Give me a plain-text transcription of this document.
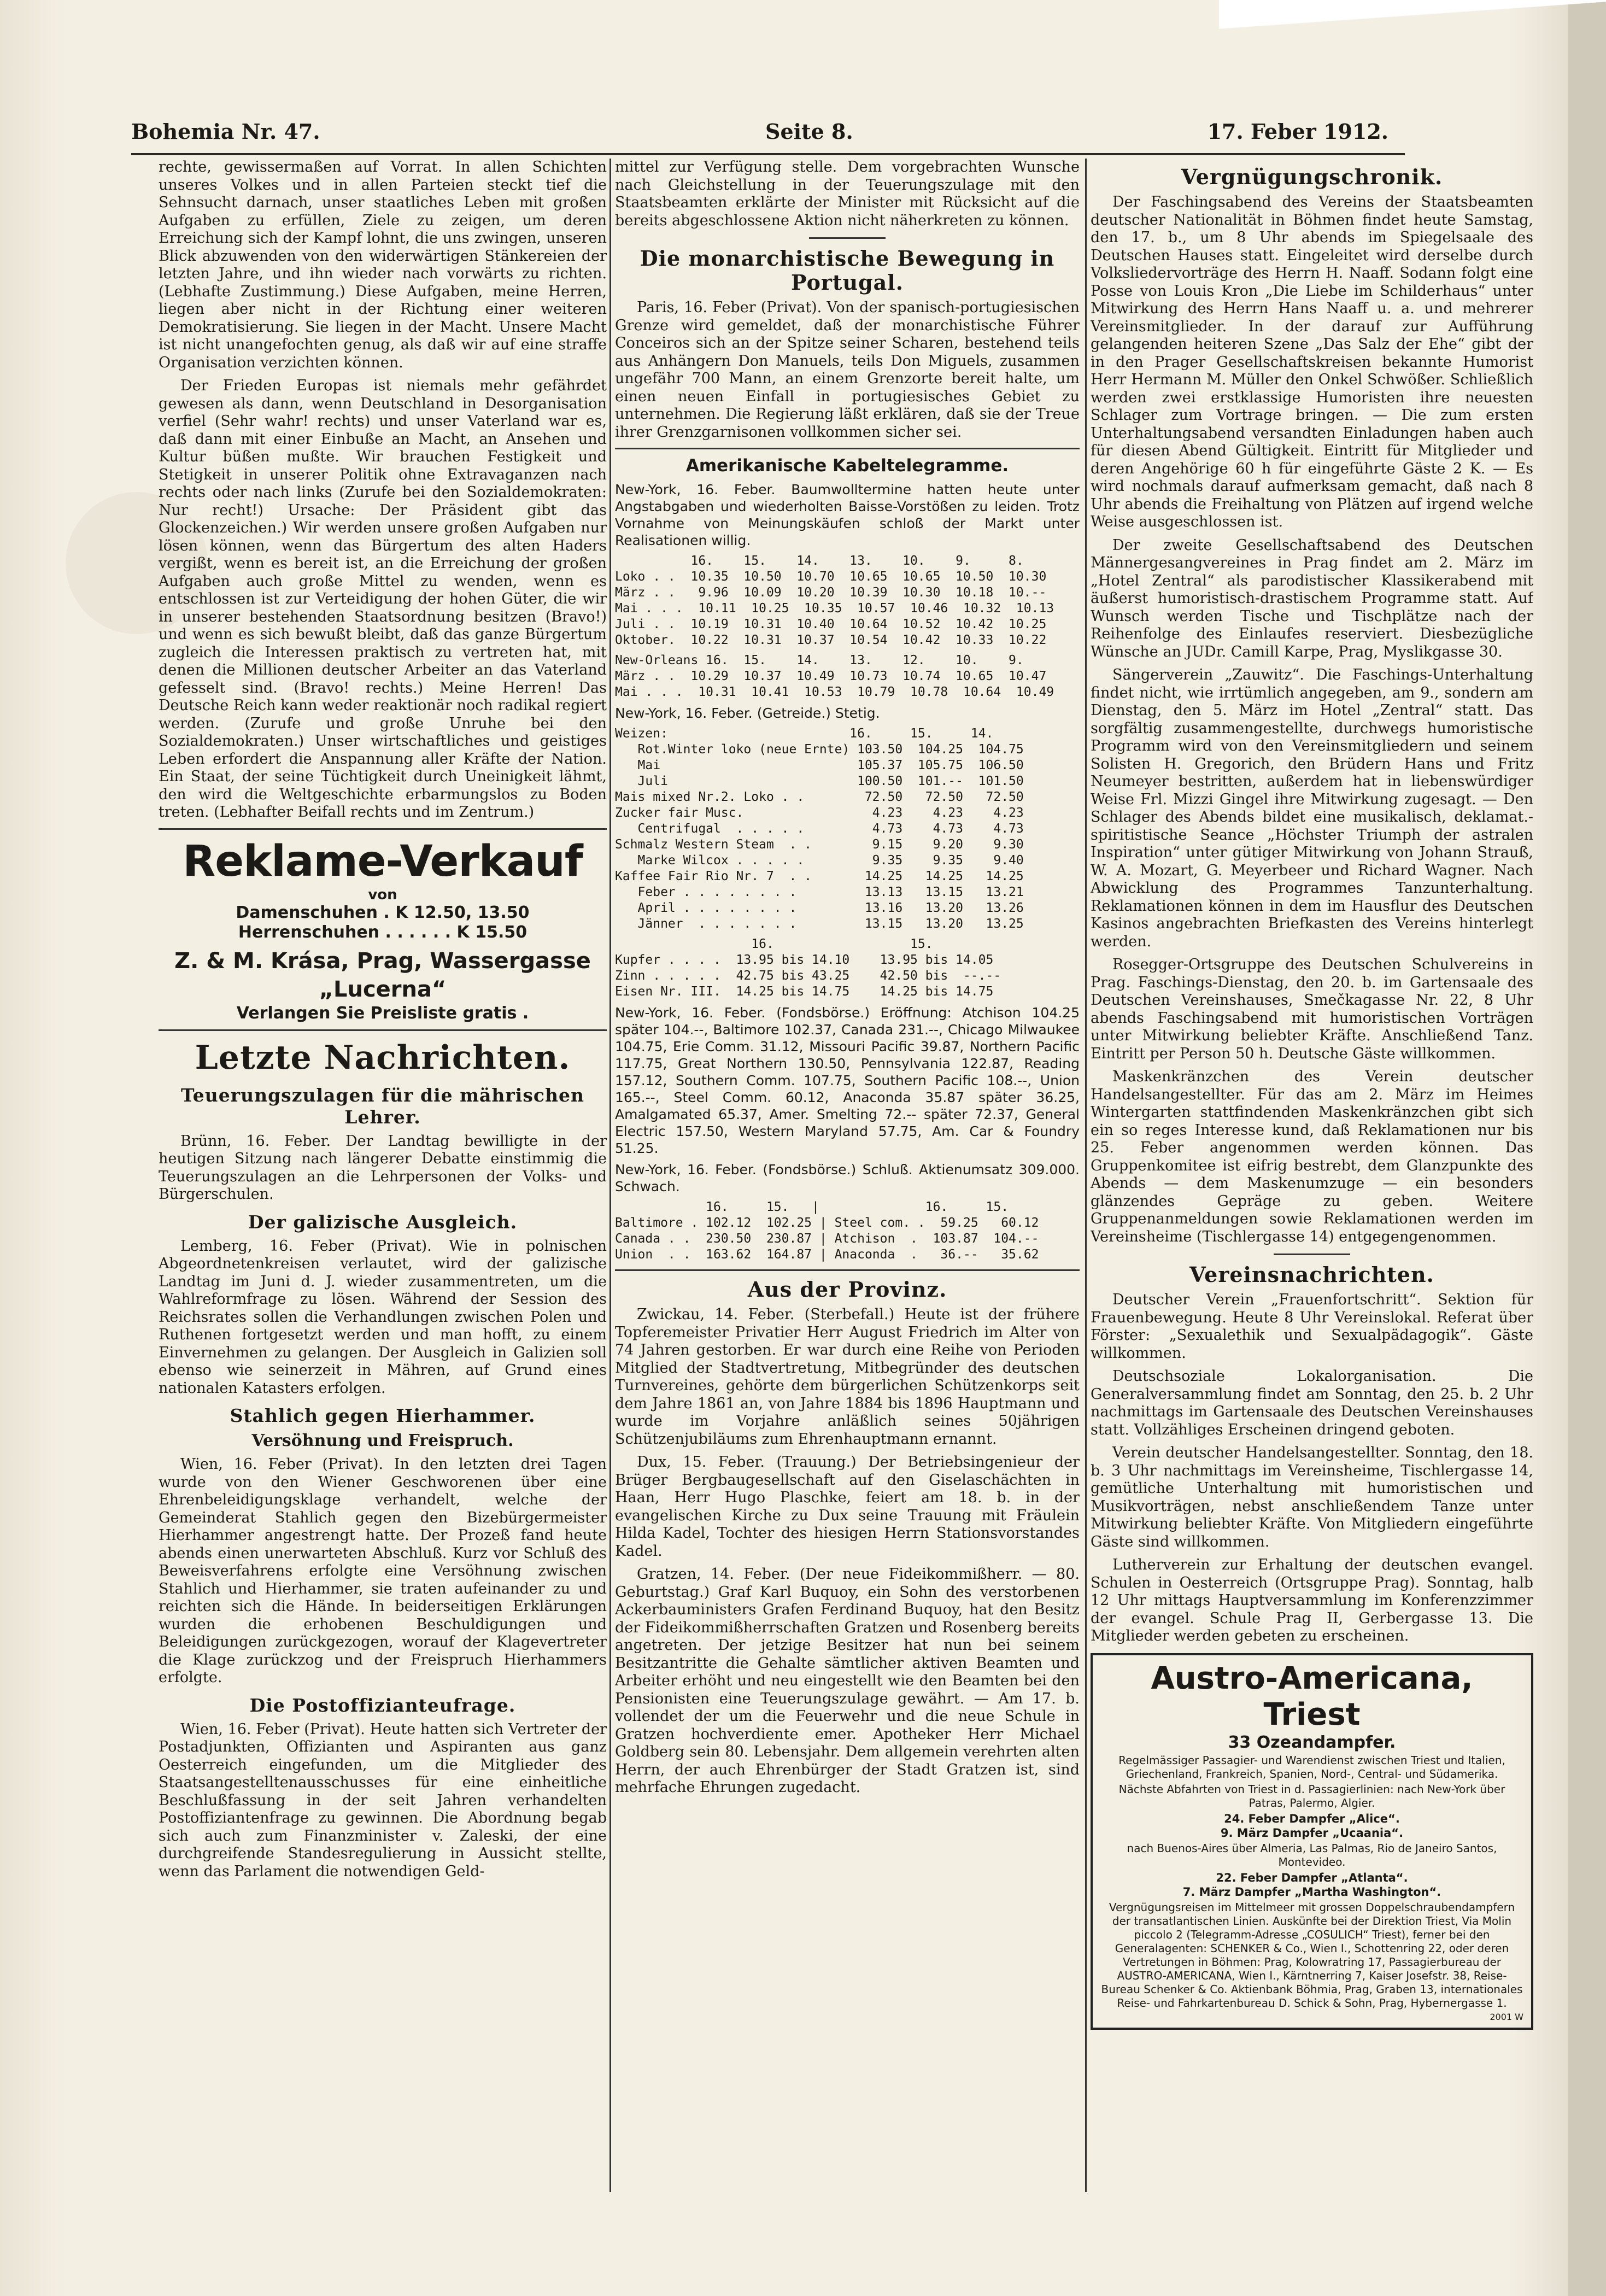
Bohemia Nr. 47.	Seite 8.	17. Feber 1912.

rechte, gewissermaßen auf Vorrat. In allen Schichten unseres Volkes und in allen Parteien steckt tief die Sehnsucht darnach, unser staatliches Leben mit großen Aufgaben zu erfüllen, Ziele zu zeigen, um deren Erreichung sich der Kampf lohnt, die uns zwingen, unseren Blick abzuwenden von den widerwärtigen Stänkereien der letzten Jahre, und ihn wieder nach vorwärts zu richten. (Lebhafte Zustimmung.) Diese Aufgaben, meine Herren, liegen aber nicht in der Richtung einer weiteren Demokratisierung. Sie liegen in der Macht. Unsere Macht ist nicht unangefochten genug, als daß wir auf eine straffe Organisation verzichten können.

Der Frieden Europas ist niemals mehr gefährdet gewesen als dann, wenn Deutschland in Desorganisation verfiel (Sehr wahr! rechts) und unser Vaterland war es, daß dann mit einer Einbuße an Macht, an Ansehen und Kultur büßen mußte. Wir brauchen Festigkeit und Stetigkeit in unserer Politik ohne Extravaganzen nach rechts oder nach links (Zurufe bei den Sozialdemokraten: Nur recht!) Ursache: Der Präsident gibt das Glockenzeichen.) Wir werden unsere großen Aufgaben nur lösen können, wenn das Bürgertum des alten Haders vergißt, wenn es bereit ist, an die Erreichung der großen Aufgaben auch große Mittel zu wenden, wenn es entschlossen ist zur Verteidigung der hohen Güter, die wir in unserer bestehenden Staatsordnung besitzen (Bravo!) und wenn es sich bewußt bleibt, daß das ganze Bürgertum zugleich die Interessen praktisch zu vertreten hat, mit denen die Millionen deutscher Arbeiter an das Vaterland gefesselt sind. (Bravo! rechts.) Meine Herren! Das Deutsche Reich kann weder reaktionär noch radikal regiert werden. (Zurufe und große Unruhe bei den Sozialdemokraten.) Unser wirtschaftliches und geistiges Leben erfordert die Anspannung aller Kräfte der Nation. Ein Staat, der seine Tüchtigkeit durch Uneinigkeit lähmt, den wird die Weltgeschichte erbarmungslos zu Boden treten. (Lebhafter Beifall rechts und im Zentrum.)

Reklame-Verkauf
von
Damenschuhen . K 12.50, 13.50
Herrenschuhen . . . . . . K 15.50
Z. & M. Krása, Prag, Wassergasse „Lucerna“
Verlangen Sie Preisliste gratis .
Letzte Nachrichten.
Teuerungszulagen für die mährischen Lehrer.

Brünn, 16. Feber. Der Landtag bewilligte in der heutigen Sitzung nach längerer Debatte einstimmig die Teuerungszulagen an die Lehrpersonen der Volks- und Bürgerschulen.

Der galizische Ausgleich.

Lemberg, 16. Feber (Privat). Wie in polnischen Abgeordnetenkreisen verlautet, wird der galizische Landtag im Juni d. J. wieder zusammentreten, um die Wahlreformfrage zu lösen. Während der Session des Reichsrates sollen die Verhandlungen zwischen Polen und Ruthenen fortgesetzt werden und man hofft, zu einem Einvernehmen zu gelangen. Der Ausgleich in Galizien soll ebenso wie seinerzeit in Mähren, auf Grund eines nationalen Katasters erfolgen.

Stahlich gegen Hierhammer.
Versöhnung und Freispruch.

Wien, 16. Feber (Privat). In den letzten drei Tagen wurde von den Wiener Geschworenen über eine Ehrenbeleidigungsklage verhandelt, welche der Gemeinderat Stahlich gegen den Bizebürgermeister Hierhammer angestrengt hatte. Der Prozeß fand heute abends einen unerwarteten Abschluß. Kurz vor Schluß des Beweisverfahrens erfolgte eine Versöhnung zwischen Stahlich und Hierhammer, sie traten aufeinander zu und reichten sich die Hände. In beiderseitigen Erklärungen wurden die erhobenen Beschuldigungen und Beleidigungen zurückgezogen, worauf der Klagevertreter die Klage zurückzog und der Freispruch Hierhammers erfolgte.

Die Postoffizianteufrage.

Wien, 16. Feber (Privat). Heute hatten sich Vertreter der Postadjunkten, Offizianten und Aspiranten aus ganz Oesterreich eingefunden, um die Mitglieder des Staatsangestelltenausschusses für eine einheitliche Beschlußfassung in der seit Jahren verhandelten Postoffiziantenfrage zu gewinnen. Die Abordnung begab sich auch zum Finanzminister v. Zaleski, der eine durchgreifende Standesregulierung in Aussicht stellte, wenn das Parlament die notwendigen Geld-

mittel zur Verfügung stelle. Dem vorgebrachten Wunsche nach Gleichstellung in der Teuerungszulage mit den Staatsbeamten erklärte der Minister mit Rücksicht auf die bereits abgeschlossene Aktion nicht näherkreten zu können.

Die monarchistische Bewegung in Portugal.

Paris, 16. Feber (Privat). Von der spanisch-portugiesischen Grenze wird gemeldet, daß der monarchistische Führer Conceiros sich an der Spitze seiner Scharen, bestehend teils aus Anhängern Don Manuels, teils Don Miguels, zusammen ungefähr 700 Mann, an einem Grenzorte bereit halte, um einen neuen Einfall in portugiesisches Gebiet zu unternehmen. Die Regierung läßt erklären, daß sie der Treue ihrer Grenzgarnisonen vollkommen sicher sei.

Amerikanische Kabeltelegramme.

New-York, 16. Feber. Baumwolltermine hatten heute unter Angstabgaben und wiederholten Baisse-Vorstößen zu leiden. Trotz Vornahme von Meinungskäufen schloß der Markt unter Realisationen willig.

16.    15.    14.    13.    10.    9.     8.
Loko . .  10.35  10.50  10.70  10.65  10.65  10.50  10.30
März . .   9.96  10.09  10.20  10.39  10.30  10.18  10.--
Mai . . .  10.11  10.25  10.35  10.57  10.46  10.32  10.13
Juli . .  10.19  10.31  10.40  10.64  10.52  10.42  10.25
Oktober.  10.22  10.31  10.37  10.54  10.42  10.33  10.22
New-Orleans 16.  15.    14.    13.    12.    10.    9.
März . .  10.29  10.37  10.49  10.73  10.74  10.65  10.47
Mai . . .  10.31  10.41  10.53  10.79  10.78  10.64  10.49

New-York, 16. Feber. (Getreide.) Stetig.

Weizen:                        16.     15.     14.
Rot.Winter loko (neue Ernte) 103.50  104.25  104.75
Mai                          105.37  105.75  106.50
Juli                         100.50  101.--  101.50
Mais mixed Nr.2. Loko . .        72.50   72.50   72.50
Zucker fair Musc.                 4.23    4.23    4.23
Centrifugal  . . . . .         4.73    4.73    4.73
Schmalz Western Steam  . .        9.15    9.20    9.30
Marke Wilcox . . . . .         9.35    9.35    9.40
Kaffee Fair Rio Nr. 7  . .       14.25   14.25   14.25
Feber . . . . . . . .         13.13   13.15   13.21
April . . . . . . . .         13.16   13.20   13.26
Jänner  . . . . . . .         13.15   13.20   13.25
16.                  15.
Kupfer . . . .  13.95 bis 14.10    13.95 bis 14.05
Zinn . . . . .  42.75 bis 43.25    42.50 bis  --.--
Eisen Nr. III.  14.25 bis 14.75    14.25 bis 14.75

New-York, 16. Feber. (Fondsbörse.) Eröffnung: Atchison 104.25 später 104.--, Baltimore 102.37, Canada 231.--, Chicago Milwaukee 104.75, Erie Comm. 31.12, Missouri Pacific 39.87, Northern Pacific 117.75, Great Northern 130.50, Pennsylvania 122.87, Reading 157.12, Southern Comm. 107.75, Southern Pacific 108.--, Union 165.--, Steel Comm. 60.12, Anaconda 35.87 später 36.25, Amalgamated 65.37, Amer. Smelting 72.-- später 72.37, General Electric 157.50, Western Maryland 57.75, Am. Car & Foundry 51.25.

New-York, 16. Feber. (Fondsbörse.) Schluß. Aktienumsatz 309.000. Schwach.

16.     15.   |              16.     15.
Baltimore . 102.12  102.25 | Steel com. .  59.25   60.12
Canada . .  230.50  230.87 | Atchison  .  103.87  104.--
Union  . .  163.62  164.87 | Anaconda  .   36.--   35.62
Aus der Provinz.

Zwickau, 14. Feber. (Sterbefall.) Heute ist der frühere Topferemeister Privatier Herr August Friedrich im Alter von 74 Jahren gestorben. Er war durch eine Reihe von Perioden Mitglied der Stadtvertretung, Mitbegründer des deutschen Turnvereines, gehörte dem bürgerlichen Schützenkorps seit dem Jahre 1861 an, von Jahre 1884 bis 1896 Hauptmann und wurde im Vorjahre anläßlich seines 50jährigen Schützenjubiläums zum Ehrenhauptmann ernannt.

Dux, 15. Feber. (Trauung.) Der Betriebsingenieur der Brüger Bergbaugesellschaft auf den Giselaschächten in Haan, Herr Hugo Plaschke, feiert am 18. b. in der evangelischen Kirche zu Dux seine Trauung mit Fräulein Hilda Kadel, Tochter des hiesigen Herrn Stationsvorstandes Kadel.

Gratzen, 14. Feber. (Der neue Fideikommißherr. — 80. Geburtstag.) Graf Karl Buquoy, ein Sohn des verstorbenen Ackerbauministers Grafen Ferdinand Buquoy, hat den Besitz der Fideikommißherrschaften Gratzen und Rosenberg bereits angetreten. Der jetzige Besitzer hat nun bei seinem Besitzantritte die Gehalte sämtlicher aktiven Beamten und Arbeiter erhöht und neu eingestellt wie den Beamten bei den Pensionisten eine Teuerungszulage gewährt. — Am 17. b. vollendet der um die Feuerwehr und die neue Schule in Gratzen hochverdiente emer. Apotheker Herr Michael Goldberg sein 80. Lebensjahr. Dem allgemein verehrten alten Herrn, der auch Ehrenbürger der Stadt Gratzen ist, sind mehrfache Ehrungen zugedacht.

Vergnügungschronik.

Der Faschingsabend des Vereins der Staatsbeamten deutscher Nationalität in Böhmen findet heute Samstag, den 17. b., um 8 Uhr abends im Spiegelsaale des Deutschen Hauses statt. Eingeleitet wird derselbe durch Volksliedervorträge des Herrn H. Naaff. Sodann folgt eine Posse von Louis Kron „Die Liebe im Schilderhaus“ unter Mitwirkung des Herrn Hans Naaff u. a. und mehrerer Vereinsmitglieder. In der darauf zur Aufführung gelangenden heiteren Szene „Das Salz der Ehe“ gibt der in den Prager Gesellschaftskreisen bekannte Humorist Herr Hermann M. Müller den Onkel Schwößer. Schließlich werden zwei erstklassige Humoristen ihre neuesten Schlager zum Vortrage bringen. — Die zum ersten Unterhaltungsabend versandten Einladungen haben auch für diesen Abend Gültigkeit. Eintritt für Mitglieder und deren Angehörige 60 h für eingeführte Gäste 2 K. — Es wird nochmals darauf aufmerksam gemacht, daß nach 8 Uhr abends die Freihaltung von Plätzen auf irgend welche Weise ausgeschlossen ist.

Der zweite Gesellschaftsabend des Deutschen Männergesangvereines in Prag findet am 2. März im „Hotel Zentral“ als parodistischer Klassikerabend mit äußerst humoristisch-drastischem Programme statt. Auf Wunsch werden Tische und Tischplätze nach der Reihenfolge des Einlaufes reserviert. Diesbezügliche Wünsche an JUDr. Camill Karpe, Prag, Myslikgasse 30.

Sängerverein „Zauwitz“. Die Faschings-Unterhaltung findet nicht, wie irrtümlich angegeben, am 9., sondern am Dienstag, den 5. März im Hotel „Zentral“ statt. Das sorgfältig zusammengestellte, durchwegs humoristische Programm wird von den Vereinsmitgliedern und seinem Solisten H. Gregorich, den Brüdern Hans und Fritz Neumeyer bestritten, außerdem hat in liebenswürdiger Weise Frl. Mizzi Gingel ihre Mitwirkung zugesagt. — Den Schlager des Abends bildet eine musikalisch, deklamat.-spiritistische Seance „Höchster Triumph der astralen Inspiration“ unter gütiger Mitwirkung von Johann Strauß, W. A. Mozart, G. Meyerbeer und Richard Wagner. Nach Abwicklung des Programmes Tanzunterhaltung. Reklamationen können in dem im Hausflur des Deutschen Kasinos angebrachten Briefkasten des Vereins hinterlegt werden.

Rosegger-Ortsgruppe des Deutschen Schulvereins in Prag. Faschings-Dienstag, den 20. b. im Gartensaale des Deutschen Vereinshauses, Smečkagasse Nr. 22, 8 Uhr abends Faschingsabend mit humoristischen Vorträgen unter Mitwirkung beliebter Kräfte. Anschließend Tanz. Eintritt per Person 50 h. Deutsche Gäste willkommen.

Maskenkränzchen des Verein deutscher Handelsangestellter. Für das am 2. März im Heimes Wintergarten stattfindenden Maskenkränzchen gibt sich ein so reges Interesse kund, daß Reklamationen nur bis 25. Feber angenommen werden können. Das Gruppenkomitee ist eifrig bestrebt, dem Glanzpunkte des Abends — dem Maskenumzuge — ein besonders glänzendes Gepräge zu geben. Weitere Gruppenanmeldungen sowie Reklamationen werden im Vereinsheime (Tischlergasse 14) entgegengenommen.

Vereinsnachrichten.

Deutscher Verein „Frauenfortschritt“. Sektion für Frauenbewegung. Heute 8 Uhr Vereinslokal. Referat über Förster: „Sexualethik und Sexualpädagogik“. Gäste willkommen.

Deutschsoziale Lokalorganisation. Die Generalversammlung findet am Sonntag, den 25. b. 2 Uhr nachmittags im Gartensaale des Deutschen Vereinshauses statt. Vollzähliges Erscheinen dringend geboten.

Verein deutscher Handelsangestellter. Sonntag, den 18. b. 3 Uhr nachmittags im Vereinsheime, Tischlergasse 14, gemütliche Unterhaltung mit humoristischen und Musikvorträgen, nebst anschließendem Tanze unter Mitwirkung beliebter Kräfte. Von Mitgliedern eingeführte Gäste sind willkommen.

Lutherverein zur Erhaltung der deutschen evangel. Schulen in Oesterreich (Ortsgruppe Prag). Sonntag, halb 12 Uhr mittags Hauptversammlung im Konferenzzimmer der evangel. Schule Prag II, Gerbergasse 13. Die Mitglieder werden gebeten zu erscheinen.

Austro-Americana, Triest
33 Ozeandampfer.
Regelmässiger Passagier- und Warendienst zwischen Triest und Italien, Griechenland, Frankreich, Spanien, Nord-, Central- und Südamerika.
Nächste Abfahrten von Triest in d. Passagierlinien: nach New-York über Patras, Palermo, Algier.
24. Feber Dampfer „Alice“.
9. März Dampfer „Ucaania“.
nach Buenos-Aires über Almeria, Las Palmas, Rio de Janeiro Santos, Montevideo.
22. Feber Dampfer „Atlanta“.
7. März Dampfer „Martha Washington“.
Vergnügungsreisen im Mittelmeer mit grossen Doppelschraubendampfern der transatlantischen Linien. Auskünfte bei der Direktion Triest, Via Molin piccolo 2 (Telegramm-Adresse „COSULICH“ Triest), ferner bei den Generalagenten: SCHENKER & Co., Wien I., Schottenring 22, oder deren Vertretungen in Böhmen: Prag, Kolowratring 17, Passagierbureau der AUSTRO-AMERICANA, Wien I., Kärntnerring 7, Kaiser Josefstr. 38, Reise-Bureau Schenker & Co. Aktienbank Böhmia, Prag, Graben 13, internationales Reise- und Fahrkartenbureau D. Schick & Sohn, Prag, Hybernergasse 1.
2001 W
